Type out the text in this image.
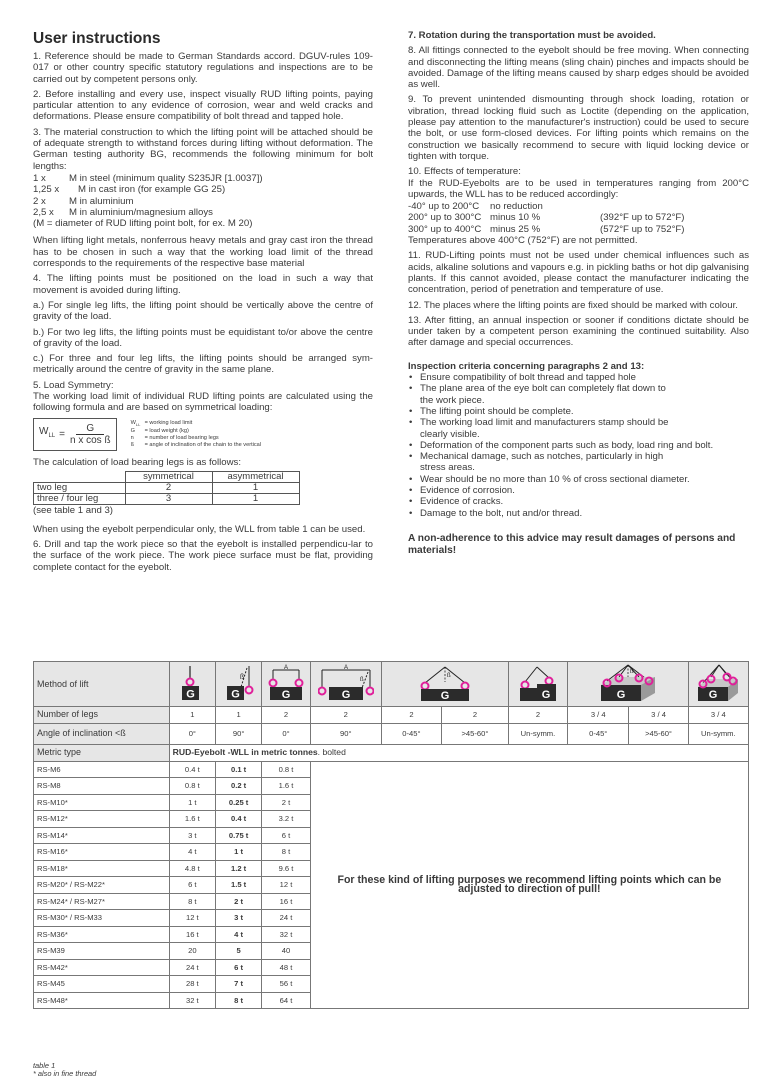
User instructions

1. Reference should be made to German Standards accord. DGUV-rules 109-017 or other country specific statutory regulations and inspections are to be carried out by competent persons only.

2. Before installing and every use, inspect visually RUD lifting points, paying particular attention to any evidence of corrosion, wear and weld cracks and deformations. Please ensure compatibility of bolt thread and tapped hole.

3. The material construction to which the lifting point will be attached should be of adequate strength to withstand forces during lifting without deformation. The German testing authority BG, recommends the following minimum for bolt lengths:

1 x	M in steel (minimum quality S235JR [1.0037])
1,25 x	M in cast iron (for example GG 25)
2 x	M in aluminium
2,5 x	M in aluminium/magnesium alloys

(M = diameter of RUD lifting point bolt, for ex. M 20)

When lifting light metals, nonferrous heavy metals and gray cast iron the thread has to be chosen in such a way that the working load limit of the thread corresponds to the requirements of the respective base material

4. The lifting points must be positioned on the load in such a way that movement is avoided during lifting.

a.) For single leg lifts, the lifting point should be vertically above the centre of gravity of the load.

b.) For two leg lifts, the lifting points must be equidistant to/or above the centre of gravity of the load.

c.) For three and four leg lifts, the lifting points should be arranged sym-metrically around the centre of gravity in the same plane.

5. Load Symmetry:

The working load limit of individual RUD lifting points are calculated using the following formula and are based on symmetrical loading:

$W_{LL} = \frac{G}{\text{n x cos ß}}$	$W_{LL}$ = working load limit
G	= load weight (kg)
n	= number of load bearing legs
ß	= angle of inclination of the chain to the vertical
The calculation of load bearing legs is as follows:
	symmetrical	asymmetrical
two leg	2	1
three / four leg	3	1

(see table 1 and 3)

When using the eyebolt perpendicular only, the WLL from table 1 can be used.

6. Drill and tap the work piece so that the eyebolt is installed perpendicu-lar to the surface of the work piece. The work piece surface must be flat, providing complete contact for the eyebolt.

7. Rotation during the transportation must be avoided.

8. All fittings connected to the eyebolt should be free moving. When connecting and disconnecting the lifting means (sling chain) pinches and impacts should be avoided. Damage of the lifting means caused by sharp edges should be avoided as well.

9. To prevent unintended dismounting through shock loading, rotation or vibration, thread locking fluid such as Loctite (depending on the application, please pay attention to the manufacturer's instruction) could be used to secure the bolt, or use form-closed devices. For lifting points which remains on the construction we basically recommend to secure with liquid locking device or tighten with torque.

10. Effects of temperature:

If the RUD-Eyebolts are to be used in temperatures ranging from 200°C upwards, the WLL has to be reduced accordingly:

-40° up to 200°C	no reduction
200° up to 300°C minus 10 %	(392°F up to 572°F)
300° up to 400°C minus 25 %	(572°F up to 752°F)

Temperatures above 400°C (752°F) are not permitted.

11. RUD-Lifting points must not be used under chemical influences such as acids, alkaline solutions and vapours e.g. in pickling baths or hot dip galvanising plants. If this cannot avoided, please contact the manufacturer indicating the concentration, period of penetration and temperature of use.

12. The places where the lifting points are fixed should be marked with colour.

13. After fitting, an annual inspection or sooner if conditions dictate should be under taken by a competent person examining the continued suitability. Also after damage and special occurrences.

Inspection criteria concerning paragraphs 2 and 13:
• Ensure compatibility of bolt thread and tapped hole
• The plane area of the eye bolt can completely flat down to the work piece.
• The lifting point should be complete.
• The working load limit and manufacturers stamp should be clearly visible.
• Deformation of the component parts such as body, load ring and bolt.
• Mechanical damage, such as notches, particularly in high stress areas.
• Wear should be no more than 10 % of cross sectional diameter.
• Evidence of corrosion.
• Evidence of cracks.
• Damage to the bolt, nut and/or thread.
A non-adherence to this advice may result damages of persons and materials!
Method of lift	G	ß
G	A
G	A
ß
G	ß
G		G	ß
G		G

Number of legs	1	1	2	2	2	2	2	3 / 4	3 / 4	3 / 4
Angle of inclination <ß	0°	90°	0°	90°	0-45°	>45-60°	Un-symm.	0-45°	>45-60°	Un-symm.
Metric type	RUD-Eyebolt -WLL in metric tonnes. bolted									
RS-M6	0.4 t	0.1 t	0.8 t	For these kind of lifting purposes we recommend lifting points which can be adjusted to direction of pull!						

RS-M8	0.8 t	0.2 t	1.6 t							
RS-M10*	1 t	0.25 t	2 t							
RS-M12*	1.6 t	0.4 t	3.2 t							
RS-M14*	3 t	0.75 t	6 t							
RS-M16*	4 t	1 t	8 t							
RS-M18*	4.8 t	1.2 t	9.6 t							
RS-M20* / RS-M22*	6 t	1.5 t	12 t							
RS-M24* / RS-M27*	8 t	2 t	16 t							
RS-M30* / RS-M33	12 t	3 t	24 t							
RS-M36*	16 t	4 t	32 t							
RS-M39	20	5	40							
RS-M42*	24 t	6 t	48 t							
RS-M45	28 t	7 t	56 t							
RS-M48*	32 t	8 t	64 t							
table 1
* also in fine thread
